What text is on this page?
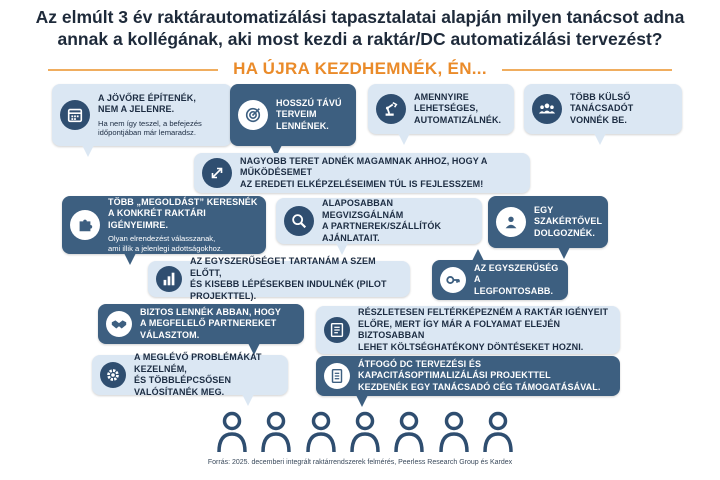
Az elmúlt 3 év raktárautomatizálási tapasztalatai alapján milyen tanácsot adna
annak a kollégának, aki most kezdi a raktár/DC automatizálási tervezést?
HA ÚJRA KEZDHEMNÉK, ÉN...
A JÖVŐRE ÉPÍTENÉK,
NEM A JELENRE.
Ha nem így teszel, a befejezés
időpontjában már lemaradsz.
HOSSZÚ TÁVÚ
TERVEIM
LENNÉNEK.
AMENNYIRE LEHETSÉGES,
AUTOMATIZÁLNÉK.
TÖBB KÜLSŐ TANÁCSADÓT
VONNÉK BE.
NAGYOBB TERET ADNÉK MAGAMNAK AHHOZ, HOGY A MŰKÖDÉSEMET
AZ EREDETI ELKÉPZELÉSEIMEN TÚL IS FEJLESSZEM!
TÖBB „MEGOLDÁST” KERESNÉK
A KONKRÉT RAKTÁRI IGÉNYEIMRE.
Olyan elrendezést válasszanak,
ami illik a jelenlegi adottságokhoz.
ALAPOSABBAN MEGVIZSGÁLNÁM
A PARTNEREK/SZÁLLÍTÓK AJÁNLATAIT.
EGY SZAKÉRTŐVEL
DOLGOZNÉK.
AZ EGYSZERŰSÉGET TARTANÁM A SZEM ELŐTT,
ÉS KISEBB LÉPÉSEKBEN INDULNÉK (PILOT PROJEKTTEL).
AZ EGYSZERŰSÉG
A LEGFONTOSABB.
BIZTOS LENNÉK ABBAN, HOGY
A MEGFELELŐ PARTNEREKET VÁLASZTOM.
RÉSZLETESEN FELTÉRKÉPEZNÉM A RAKTÁR IGÉNYEIT
ELŐRE, MERT ÍGY MÁR A FOLYAMAT ELEJÉN BIZTOSABBAN
LEHET KÖLTSÉGHATÉKONY DÖNTÉSEKET HOZNI.
A MEGLÉVŐ PROBLÉMÁKAT KEZELNÉM,
ÉS TÖBBLÉPCSŐSEN VALÓSÍTANÉK MEG.
ÁTFOGÓ DC TERVEZÉSI ÉS KAPACITÁSOPTIMALIZÁLÁSI PROJEKTTEL
KEZDENÉK EGY TANÁCSADÓ CÉG TÁMOGATÁSÁVAL.
Forrás: 2025. decemberi integrált raktárrendszerek felmérés, Peerless Research Group és Kardex
